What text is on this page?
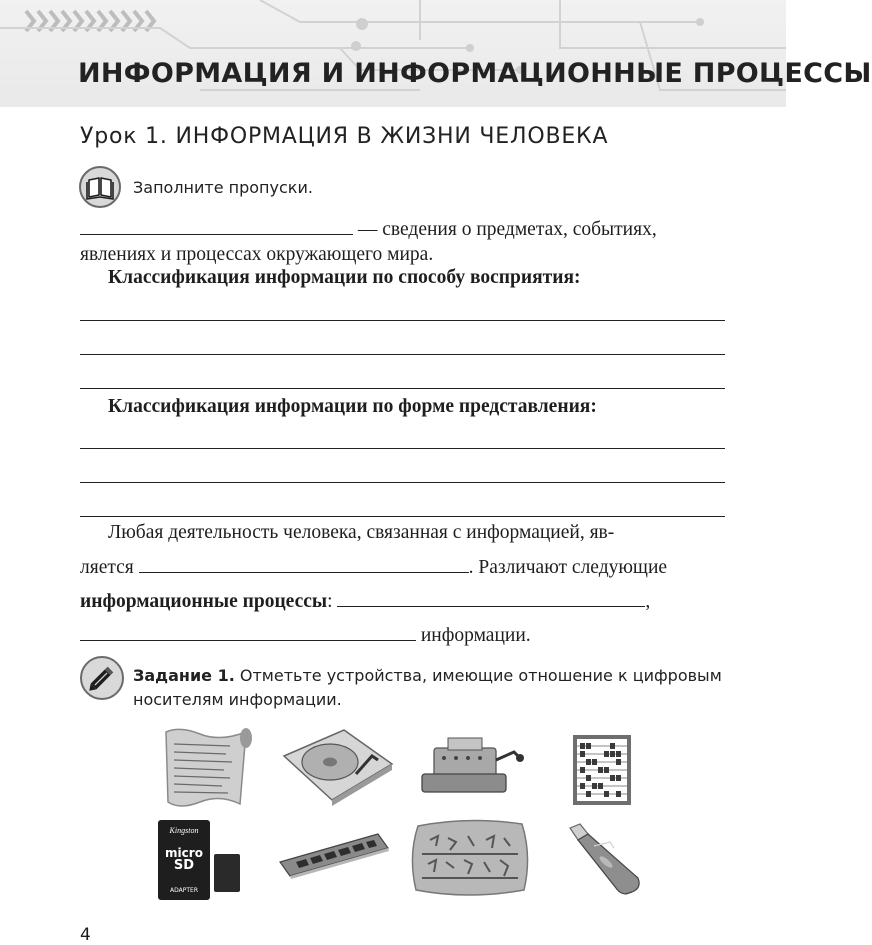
ИНФОРМАЦИЯ И ИНФОРМАЦИОННЫЕ ПРОЦЕССЫ
Урок 1. ИНФОРМАЦИЯ В ЖИЗНИ ЧЕЛОВЕКА
Заполните пропуски.
— сведения о предметах, событиях,
явлениях и процессах окружающего мира.
Классификация информации по способу восприятия:
Классификация информации по форме представления:
Любая деятельность человека, связанная с информацией, яв-
ляется	. Различают следующие
информационные процессы:	,
информации.
Задание 1. Отметьте устройства, имеющие отношение к цифровым носителям информации.
Kingston
micro
SD
ADAPTER
4
